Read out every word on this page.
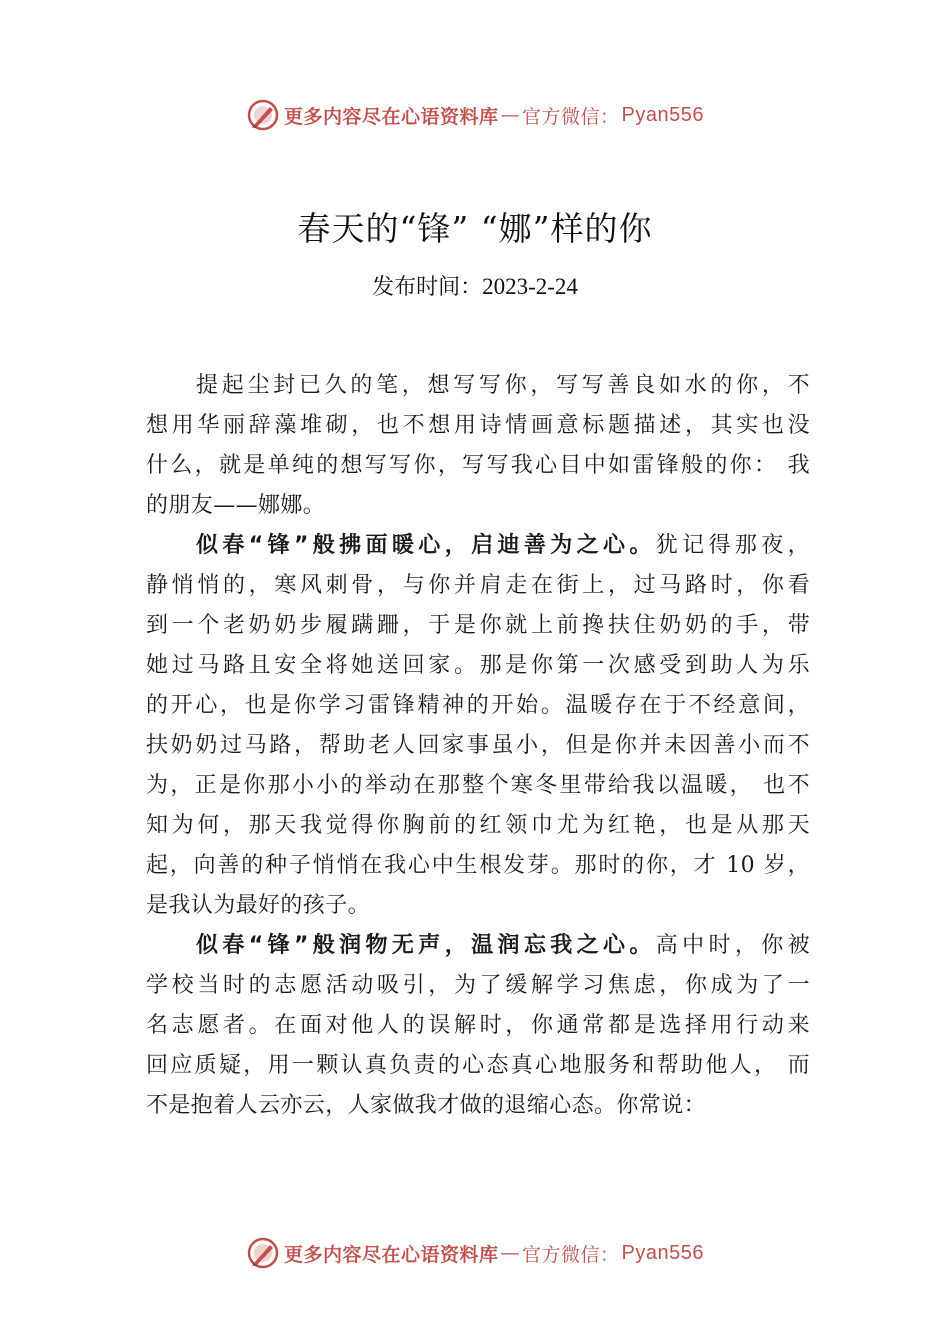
更多内容尽在心语资料库 — 官方微信： Pyan556
春天的“锋” “娜”样的你
发布时间：2023-2-24
提起尘封已久的笔，想写写你，写写善良如水的你，不
想用华丽辞藻堆砌，也不想用诗情画意标题描述，其实也没
什么，就是单纯的想写写你，写写我心目中如雷锋般的你： 我
的朋友——娜娜。
似春“锋”般拂面暖心，启迪善为之心。犹记得那夜，
静悄悄的，寒风刺骨，与你并肩走在街上，过马路时，你看
到一个老奶奶步履蹒跚，于是你就上前搀扶住奶奶的手，带
她过马路且安全将她送回家。那是你第一次感受到助人为乐
的开心，也是你学习雷锋精神的开始。温暖存在于不经意间，
扶奶奶过马路，帮助老人回家事虽小，但是你并未因善小而不
为，正是你那小小的举动在那整个寒冬里带给我以温暖， 也不
知为何，那天我觉得你胸前的红领巾尤为红艳，也是从那天
起，向善的种子悄悄在我心中生根发芽。那时的你，才 10 岁，
是我认为最好的孩子。
似春“锋”般润物无声，温润忘我之心。高中时，你被
学校当时的志愿活动吸引，为了缓解学习焦虑，你成为了一
名志愿者。在面对他人的误解时，你通常都是选择用行动来
回应质疑，用一颗认真负责的心态真心地服务和帮助他人， 而
不是抱着人云亦云，人家做我才做的退缩心态。你常说：
更多内容尽在心语资料库 — 官方微信： Pyan556
